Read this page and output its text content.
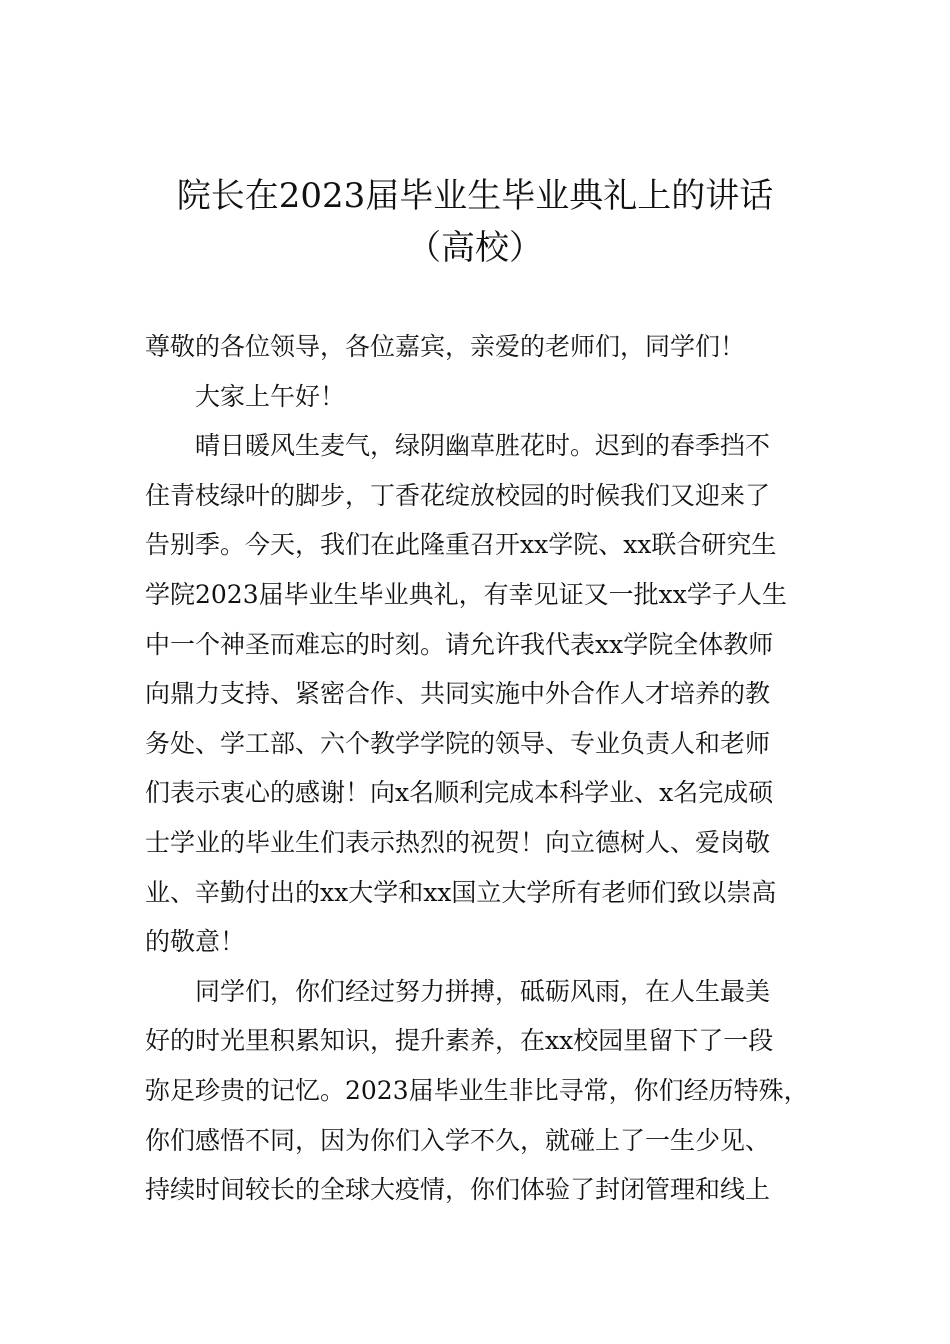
院长在2023届毕业生毕业典礼上的讲话
（高校）
尊敬的各位领导，各位嘉宾，亲爱的老师们，同学们！
大家上午好！
晴日暖风生麦气，绿阴幽草胜花时。迟到的春季挡不
住青枝绿叶的脚步，丁香花绽放校园的时候我们又迎来了
告别季。今天，我们在此隆重召开xx学院、xx联合研究生
学院2023届毕业生毕业典礼，有幸见证又一批xx学子人生
中一个神圣而难忘的时刻。请允许我代表xx学院全体教师
向鼎力支持、紧密合作、共同实施中外合作人才培养的教
务处、学工部、六个教学学院的领导、专业负责人和老师
们表示衷心的感谢！向x名顺利完成本科学业、x名完成硕
士学业的毕业生们表示热烈的祝贺！向立德树人、爱岗敬
业、辛勤付出的xx大学和xx国立大学所有老师们致以崇高
的敬意！
同学们，你们经过努力拼搏，砥砺风雨，在人生最美
好的时光里积累知识，提升素养，在xx校园里留下了一段
弥足珍贵的记忆。2023届毕业生非比寻常，你们经历特殊，
你们感悟不同，因为你们入学不久，就碰上了一生少见、
持续时间较长的全球大疫情，你们体验了封闭管理和线上
